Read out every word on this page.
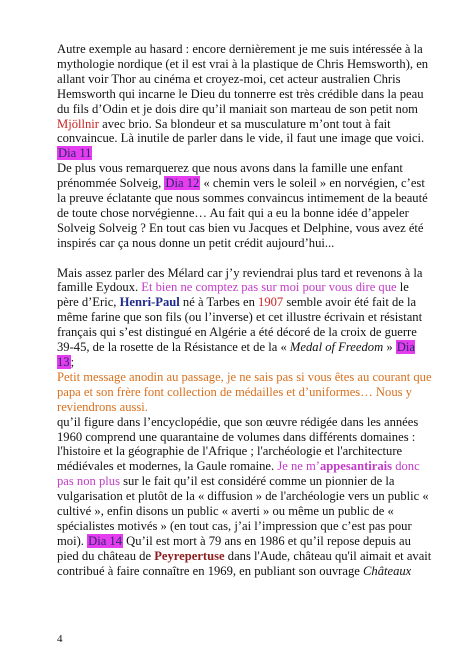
Autre exemple au hasard : encore dernièrement je me suis intéressée à la mythologie nordique (et il est vrai à la plastique de Chris Hemsworth), en allant voir Thor au cinéma et croyez-moi, cet acteur australien Chris Hemsworth qui incarne le Dieu du tonnerre est très crédible dans la peau du fils d’Odin et je dois dire qu’il maniait son marteau de son petit nom Mjöllnir avec brio. Sa blondeur et sa musculature m’ont tout à fait convaincue. Là inutile de parler dans le vide, il faut une image que voici. Dia 11

De plus vous remarquerez que nous avons dans la famille une enfant prénommée Solveig, Dia 12 « chemin vers le soleil » en norvégien, c’est la preuve éclatante que nous sommes convaincus intimement de la beauté de toute chose norvégienne… Au fait qui a eu la bonne idée d’appeler Solveig Solveig ? En tout cas bien vu Jacques et Delphine, vous avez été inspirés car ça nous donne un petit crédit aujourd’hui...

Mais assez parler des Mélard car j’y reviendrai plus tard et revenons à la famille Eydoux. Et bien ne comptez pas sur moi pour vous dire que le père d’Eric, Henri-Paul né à Tarbes en 1907 semble avoir été fait de la même farine que son fils (ou l’inverse) et cet illustre écrivain et résistant français qui s’est distingué en Algérie a été décoré de la croix de guerre 39-45, de la rosette de la Résistance et de la « Medal of Freedom » Dia 13;
Petit message anodin au passage, je ne sais pas si vous êtes au courant que papa et son frère font collection de médailles et d’uniformes… Nous y reviendrons aussi.
qu’il figure dans l’encyclopédie, que son œuvre rédigée dans les années 1960 comprend une quarantaine de volumes dans différents domaines : l'histoire et la géographie de l'Afrique ; l'archéologie et l'architecture médiévales et modernes, la Gaule romaine. Je ne m’appesantirais donc pas non plus sur le fait qu’il est considéré comme un pionnier de la vulgarisation et plutôt de la « diffusion » de l'archéologie vers un public « cultivé », enfin disons un public « averti » ou même un public de « spécialistes motivés » (en tout cas, j’ai l’impression que c’est pas pour moi). Dia 14 Qu’il est mort à 79 ans en 1986 et qu’il repose depuis au pied du château de Peyrepertuse dans l'Aude, château qu'il aimait et avait contribué à faire connaître en 1969, en publiant son ouvrage Châteaux

4
